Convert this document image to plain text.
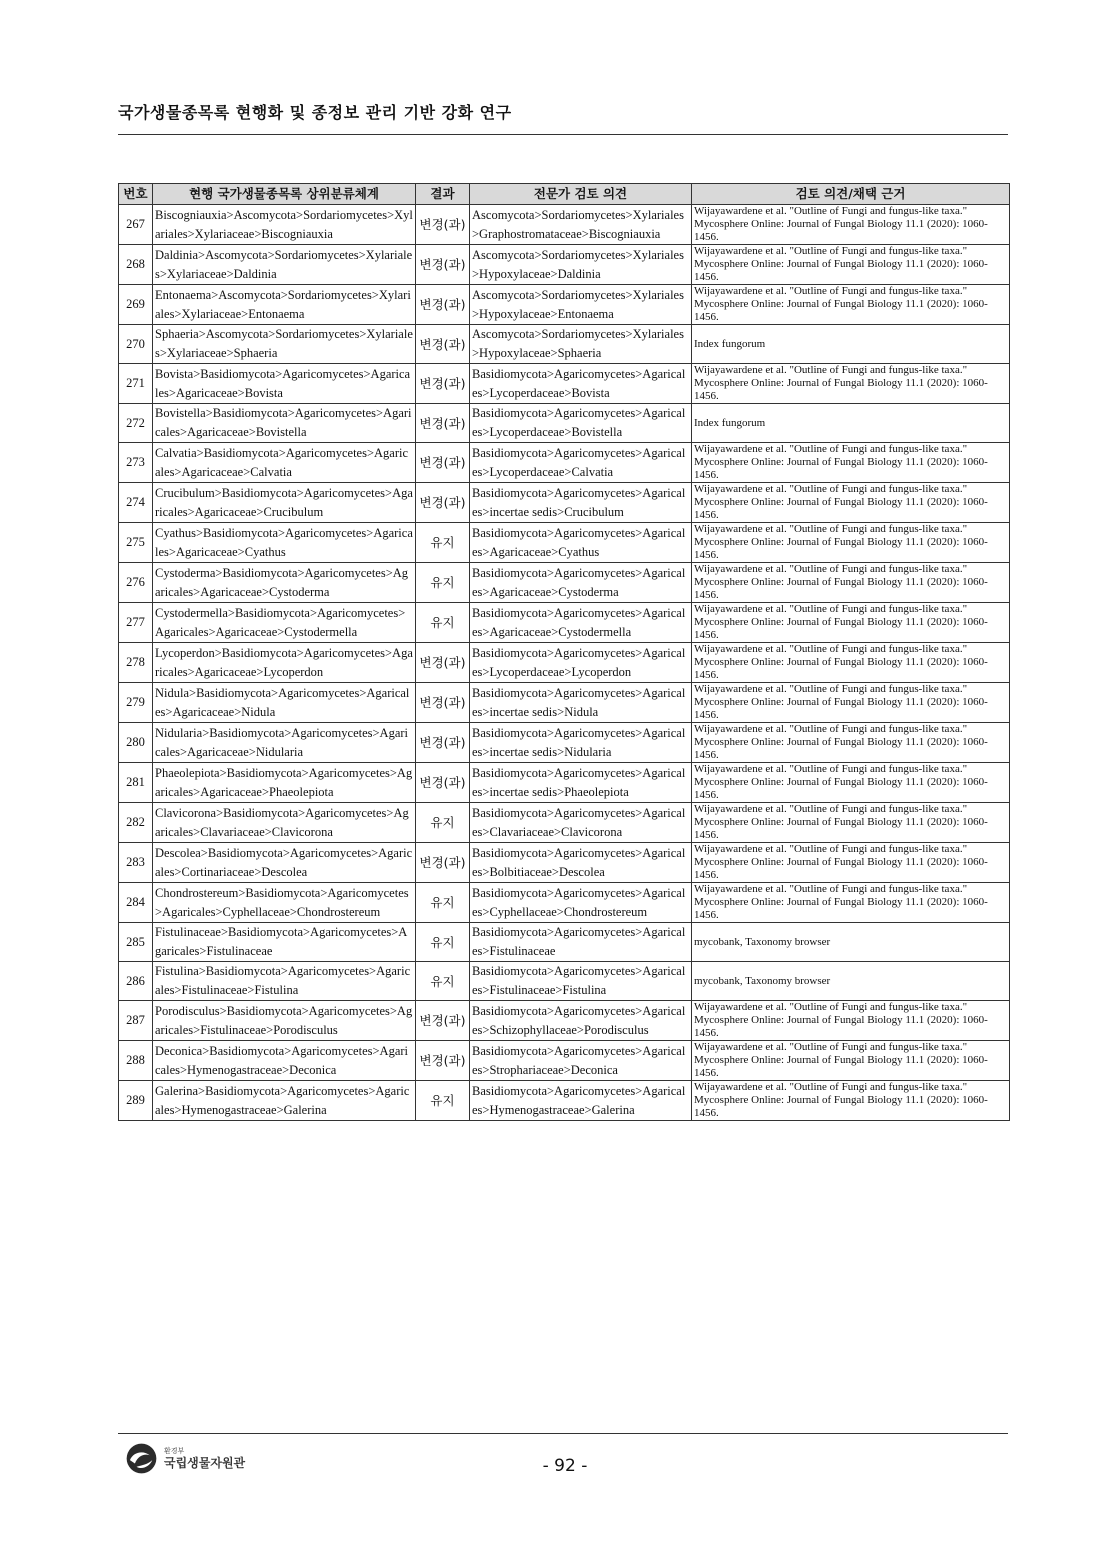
국가생물종목록 현행화 및 종정보 관리 기반 강화 연구
번호	현행 국가생물종목록 상위분류체계	결과	전문가 검토 의견	검토 의견/채택 근거
267	Biscogniauxia>Ascomycota>Sordariomycetes>Xylariales>Xylariaceae>Biscogniauxia	변경(과)	Ascomycota>Sordariomycetes>Xylariales>Graphostromataceae>Biscogniauxia	Wijayawardene et al. "Outline of Fungi and fungus-like taxa." Mycosphere Online: Journal of Fungal Biology 11.1 (2020): 1060-1456.
268	Daldinia>Ascomycota>Sordariomycetes>Xylariales>Xylariaceae>Daldinia	변경(과)	Ascomycota>Sordariomycetes>Xylariales>Hypoxylaceae>Daldinia	Wijayawardene et al. "Outline of Fungi and fungus-like taxa." Mycosphere Online: Journal of Fungal Biology 11.1 (2020): 1060-1456.
269	Entonaema>Ascomycota>Sordariomycetes>Xylariales>Xylariaceae>Entonaema	변경(과)	Ascomycota>Sordariomycetes>Xylariales>Hypoxylaceae>Entonaema	Wijayawardene et al. "Outline of Fungi and fungus-like taxa." Mycosphere Online: Journal of Fungal Biology 11.1 (2020): 1060-1456.
270	Sphaeria>Ascomycota>Sordariomycetes>Xylariales>Xylariaceae>Sphaeria	변경(과)	Ascomycota>Sordariomycetes>Xylariales>Hypoxylaceae>Sphaeria	Index fungorum
271	Bovista>Basidiomycota>Agaricomycetes>Agaricales>Agaricaceae>Bovista	변경(과)	Basidiomycota>Agaricomycetes>Agaricales>Lycoperdaceae>Bovista	Wijayawardene et al. "Outline of Fungi and fungus-like taxa." Mycosphere Online: Journal of Fungal Biology 11.1 (2020): 1060-1456.
272	Bovistella>Basidiomycota>Agaricomycetes>Agaricales>Agaricaceae>Bovistella	변경(과)	Basidiomycota>Agaricomycetes>Agaricales>Lycoperdaceae>Bovistella	Index fungorum
273	Calvatia>Basidiomycota>Agaricomycetes>Agaricales>Agaricaceae>Calvatia	변경(과)	Basidiomycota>Agaricomycetes>Agaricales>Lycoperdaceae>Calvatia	Wijayawardene et al. "Outline of Fungi and fungus-like taxa." Mycosphere Online: Journal of Fungal Biology 11.1 (2020): 1060-1456.
274	Crucibulum>Basidiomycota>Agaricomycetes>Agaricales>Agaricaceae>Crucibulum	변경(과)	Basidiomycota>Agaricomycetes>Agaricales>incertae sedis>Crucibulum	Wijayawardene et al. "Outline of Fungi and fungus-like taxa." Mycosphere Online: Journal of Fungal Biology 11.1 (2020): 1060-1456.
275	Cyathus>Basidiomycota>Agaricomycetes>Agaricales>Agaricaceae>Cyathus	유지	Basidiomycota>Agaricomycetes>Agaricales>Agaricaceae>Cyathus	Wijayawardene et al. "Outline of Fungi and fungus-like taxa." Mycosphere Online: Journal of Fungal Biology 11.1 (2020): 1060-1456.
276	Cystoderma>Basidiomycota>Agaricomycetes>Agaricales>Agaricaceae>Cystoderma	유지	Basidiomycota>Agaricomycetes>Agaricales>Agaricaceae>Cystoderma	Wijayawardene et al. "Outline of Fungi and fungus-like taxa." Mycosphere Online: Journal of Fungal Biology 11.1 (2020): 1060-1456.
277	Cystodermella>Basidiomycota>Agaricomycetes>Agaricales>Agaricaceae>Cystodermella	유지	Basidiomycota>Agaricomycetes>Agaricales>Agaricaceae>Cystodermella	Wijayawardene et al. "Outline of Fungi and fungus-like taxa." Mycosphere Online: Journal of Fungal Biology 11.1 (2020): 1060-1456.
278	Lycoperdon>Basidiomycota>Agaricomycetes>Agaricales>Agaricaceae>Lycoperdon	변경(과)	Basidiomycota>Agaricomycetes>Agaricales>Lycoperdaceae>Lycoperdon	Wijayawardene et al. "Outline of Fungi and fungus-like taxa." Mycosphere Online: Journal of Fungal Biology 11.1 (2020): 1060-1456.
279	Nidula>Basidiomycota>Agaricomycetes>Agaricales>Agaricaceae>Nidula	변경(과)	Basidiomycota>Agaricomycetes>Agaricales>incertae sedis>Nidula	Wijayawardene et al. "Outline of Fungi and fungus-like taxa." Mycosphere Online: Journal of Fungal Biology 11.1 (2020): 1060-1456.
280	Nidularia>Basidiomycota>Agaricomycetes>Agaricales>Agaricaceae>Nidularia	변경(과)	Basidiomycota>Agaricomycetes>Agaricales>incertae sedis>Nidularia	Wijayawardene et al. "Outline of Fungi and fungus-like taxa." Mycosphere Online: Journal of Fungal Biology 11.1 (2020): 1060-1456.
281	Phaeolepiota>Basidiomycota>Agaricomycetes>Agaricales>Agaricaceae>Phaeolepiota	변경(과)	Basidiomycota>Agaricomycetes>Agaricales>incertae sedis>Phaeolepiota	Wijayawardene et al. "Outline of Fungi and fungus-like taxa." Mycosphere Online: Journal of Fungal Biology 11.1 (2020): 1060-1456.
282	Clavicorona>Basidiomycota>Agaricomycetes>Agaricales>Clavariaceae>Clavicorona	유지	Basidiomycota>Agaricomycetes>Agaricales>Clavariaceae>Clavicorona	Wijayawardene et al. "Outline of Fungi and fungus-like taxa." Mycosphere Online: Journal of Fungal Biology 11.1 (2020): 1060-1456.
283	Descolea>Basidiomycota>Agaricomycetes>Agaricales>Cortinariaceae>Descolea	변경(과)	Basidiomycota>Agaricomycetes>Agaricales>Bolbitiaceae>Descolea	Wijayawardene et al. "Outline of Fungi and fungus-like taxa." Mycosphere Online: Journal of Fungal Biology 11.1 (2020): 1060-1456.
284	Chondrostereum>Basidiomycota>Agaricomycetes>Agaricales>Cyphellaceae>Chondrostereum	유지	Basidiomycota>Agaricomycetes>Agaricales>Cyphellaceae>Chondrostereum	Wijayawardene et al. "Outline of Fungi and fungus-like taxa." Mycosphere Online: Journal of Fungal Biology 11.1 (2020): 1060-1456.
285	Fistulinaceae>Basidiomycota>Agaricomycetes>Agaricales>Fistulinaceae	유지	Basidiomycota>Agaricomycetes>Agaricales>Fistulinaceae	mycobank, Taxonomy browser
286	Fistulina>Basidiomycota>Agaricomycetes>Agaricales>Fistulinaceae>Fistulina	유지	Basidiomycota>Agaricomycetes>Agaricales>Fistulinaceae>Fistulina	mycobank, Taxonomy browser
287	Porodisculus>Basidiomycota>Agaricomycetes>Agaricales>Fistulinaceae>Porodisculus	변경(과)	Basidiomycota>Agaricomycetes>Agaricales>Schizophyllaceae>Porodisculus	Wijayawardene et al. "Outline of Fungi and fungus-like taxa." Mycosphere Online: Journal of Fungal Biology 11.1 (2020): 1060-1456.
288	Deconica>Basidiomycota>Agaricomycetes>Agaricales>Hymenogastraceae>Deconica	변경(과)	Basidiomycota>Agaricomycetes>Agaricales>Strophariaceae>Deconica	Wijayawardene et al. "Outline of Fungi and fungus-like taxa." Mycosphere Online: Journal of Fungal Biology 11.1 (2020): 1060-1456.
289	Galerina>Basidiomycota>Agaricomycetes>Agaricales>Hymenogastraceae>Galerina	유지	Basidiomycota>Agaricomycetes>Agaricales>Hymenogastraceae>Galerina	Wijayawardene et al. "Outline of Fungi and fungus-like taxa." Mycosphere Online: Journal of Fungal Biology 11.1 (2020): 1060-1456.
환경부
국립생물자원관	- 92 -
